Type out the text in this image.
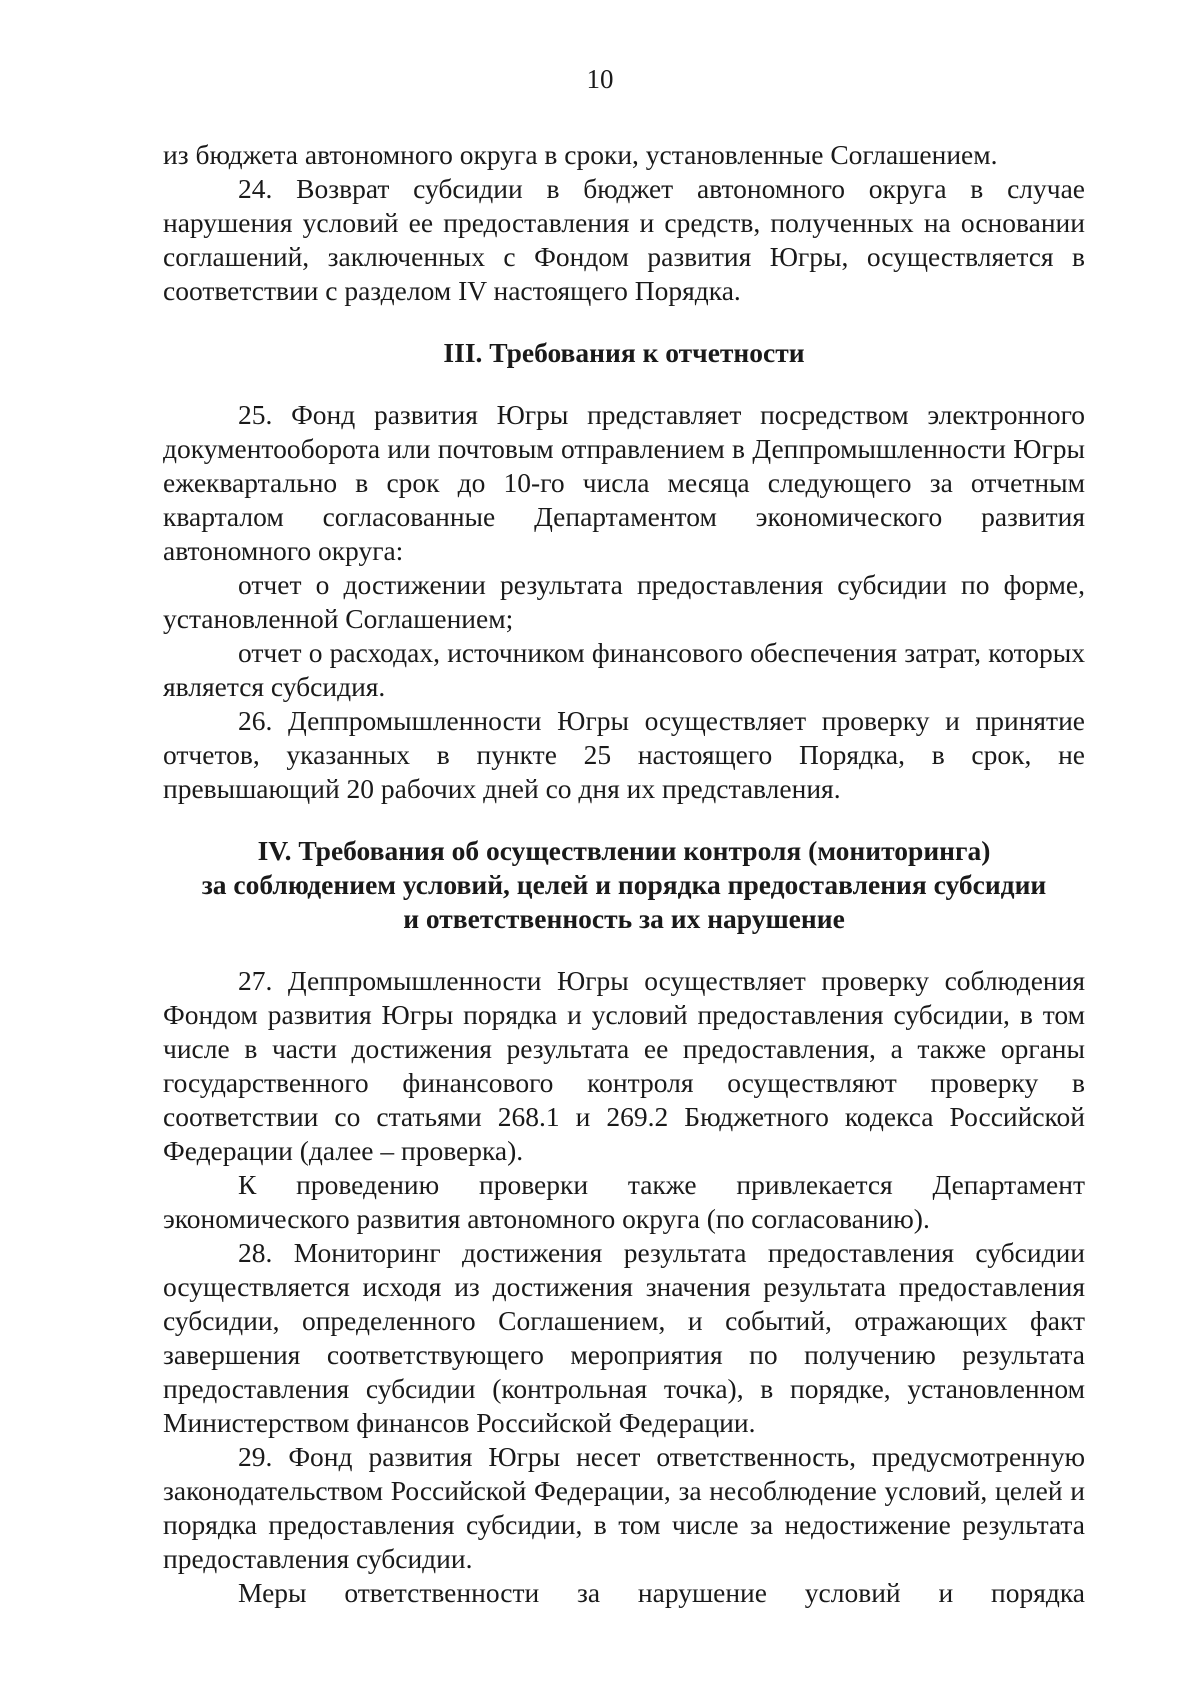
10

из бюджета автономного округа в сроки, установленные Соглашением.

24. Возврат субсидии в бюджет автономного округа в случае нарушения условий ее предоставления и средств, полученных на основании соглашений, заключенных с Фондом развития Югры, осуществляется в соответствии с разделом IV настоящего Порядка.

III. Требования к отчетности

25. Фонд развития Югры представляет посредством электронного документооборота или почтовым отправлением в Деппромышленности Югры ежеквартально в срок до 10-го числа месяца следующего за отчетным кварталом согласованные Департаментом экономического развития автономного округа:

отчет о достижении результата предоставления субсидии по форме, установленной Соглашением;

отчет о расходах, источником финансового обеспечения затрат, которых является субсидия.

26. Деппромышленности Югры осуществляет проверку и принятие отчетов, указанных в пункте 25 настоящего Порядка, в срок, не превышающий 20 рабочих дней со дня их представления.

IV. Требования об осуществлении контроля (мониторинга)
за соблюдением условий, целей и порядка предоставления субсидии
и ответственность за их нарушение

27. Деппромышленности Югры осуществляет проверку соблюдения Фондом развития Югры порядка и условий предоставления субсидии, в том числе в части достижения результата ее предоставления, а также органы государственного финансового контроля осуществляют проверку в соответствии со статьями 268.1 и 269.2 Бюджетного кодекса Российской Федерации (далее – проверка).

К проведению проверки также привлекается Департамент экономического развития автономного округа (по согласованию).

28. Мониторинг достижения результата предоставления субсидии осуществляется исходя из достижения значения результата предоставления субсидии, определенного Соглашением, и событий, отражающих факт завершения соответствующего мероприятия по получению результата предоставления субсидии (контрольная точка), в порядке, установленном Министерством финансов Российской Федерации.

29. Фонд развития Югры несет ответственность, предусмотренную законодательством Российской Федерации, за несоблюдение условий, целей и порядка предоставления субсидии, в том числе за недостижение результата предоставления субсидии.

Меры ответственности за нарушение условий и порядка
